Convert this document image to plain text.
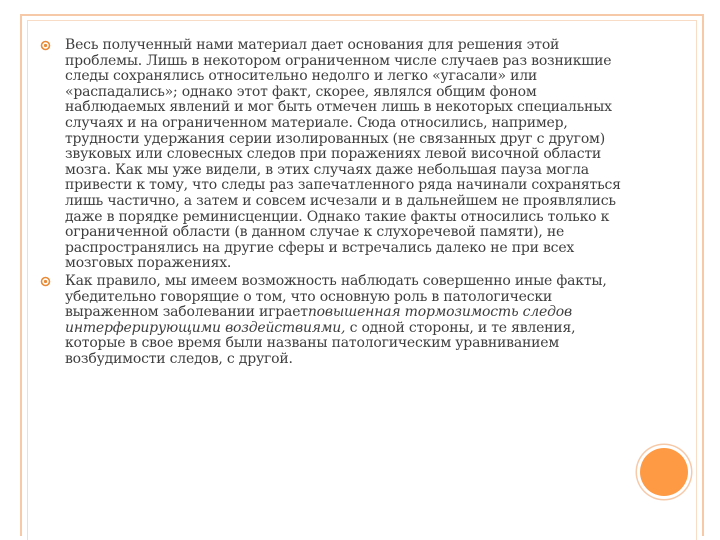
Весь полученный нами материал дает основания для решения этой проблемы. Лишь в некотором ограниченном числе случаев раз возникшие следы сохранялись относительно недолго и легко «угасали» или «распадались»; однако этот факт, скорее, являлся общим фоном наблюдаемых явлений и мог быть отмечен лишь в некоторых специальных случаях и на ограниченном материале. Сюда относились, например, трудности удержания серии изолированных (не связанных друг с другом) звуковых или словесных следов при поражениях левой височной области мозга. Как мы уже видели, в этих случаях даже небольшая пауза могла привести к тому, что следы раз запечатленного ряда начинали сохраняться лишь частично, а затем и совсем исчезали и в дальнейшем не проявлялись даже в порядке реминисценции. Однако такие факты относились только к ограниченной области (в данном случае к слухоречевой памяти), не распространялись на другие сферы и встречались далеко не при всех мозговых поражениях.
Как правило, мы имеем возможность наблюдать совершенно иные факты, убедительно говорящие о том, что основную роль в патологически выраженном заболевании играетповышенная тормозимость следов интерферирующими воздействиями, с одной стороны, и те явления, которые в свое время были названы патологическим уравниванием возбудимости следов, с другой.
